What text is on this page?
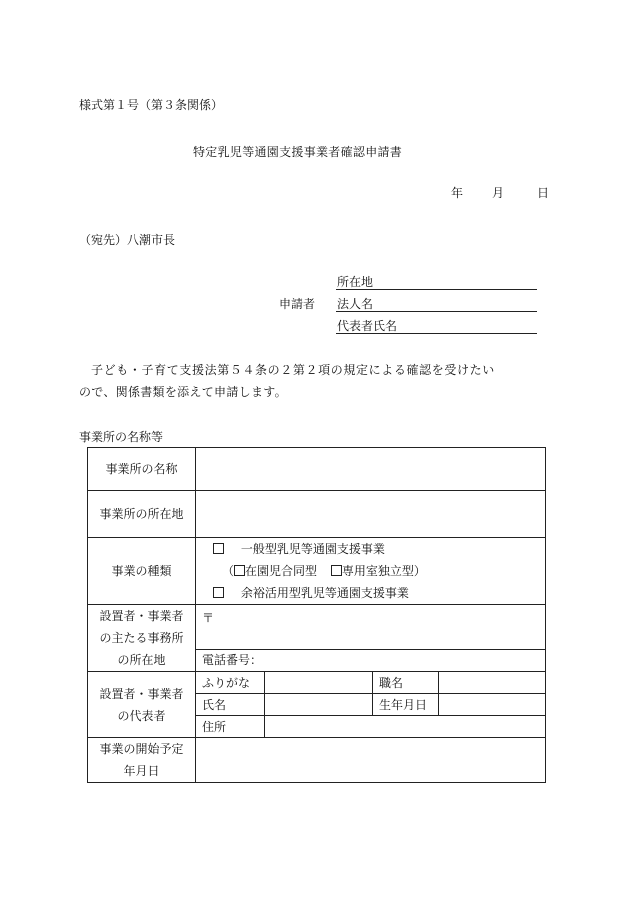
様式第１号（第３条関係）
特定乳児等通園支援事業者確認申請書
年 月	日
（宛先）八潮市長
申請者
所在地
法人名
代表者氏名
子ども・子育て支援法第５４条の２第２項の規定による確認を受けたい
ので、関係書類を添えて申請します。
事業所の名称等
事業所の名称				
事業所の所在地				
事業の種類	一般型乳児等通園支援事業
（ 在園児合同型 専用室独立型）
余裕活用型乳児等通園支援事業			

設置者・事業者
の主たる事務所
の所在地	〒			
	電話番号：			

設置者・事業者
の代表者	ふりがな		職名	
	氏名		生年月日	
	住所			

事業の開始予定
年月日				
